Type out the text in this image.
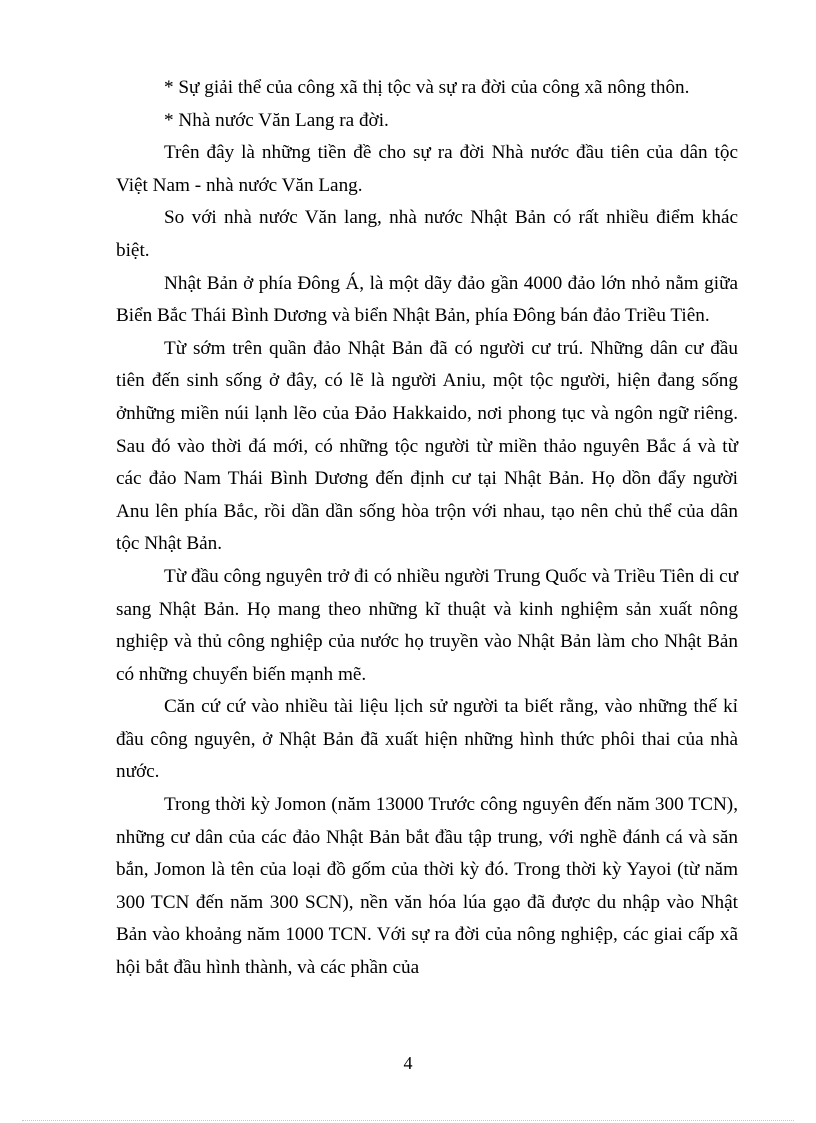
* Sự giải thể của công xã thị tộc và sự ra đời của công xã nông thôn.

* Nhà nước Văn Lang ra đời.

Trên đây là những tiền đề cho sự ra đời Nhà nước đầu tiên của dân tộc Việt Nam - nhà nước Văn Lang.

So với nhà nước Văn lang, nhà nước Nhật Bản có rất nhiều điểm khác biệt.

Nhật Bản ở phía Đông Á, là một dãy đảo gần 4000 đảo lớn nhỏ nằm giữa Biển Bắc Thái Bình Dương và biển Nhật Bản, phía Đông bán đảo Triều Tiên.

Từ sớm trên quần đảo Nhật Bản đã có người cư trú. Những dân cư đầu tiên đến sinh sống ở đây, có lẽ là người Aniu, một tộc người, hiện đang sống ởnhững miền núi lạnh lẽo của Đảo Hakkaido, nơi phong tục và ngôn ngữ riêng. Sau đó vào thời đá mới, có những tộc người từ miền thảo nguyên Bắc á và từ các đảo Nam Thái Bình Dương đến định cư tại Nhật Bản. Họ dồn đẩy người Anu lên phía Bắc, rồi dần dần sống hòa trộn với nhau, tạo nên chủ thể của dân tộc Nhật Bản.

Từ đầu công nguyên trở đi có nhiều người Trung Quốc và Triều Tiên di cư sang Nhật Bản. Họ mang theo những kĩ thuật và kinh nghiệm sản xuất nông nghiệp và thủ công nghiệp của nước họ truyền vào Nhật Bản làm cho Nhật Bản có những chuyển biến mạnh mẽ.

Căn cứ cứ vào nhiều tài liệu lịch sử người ta biết rằng, vào những thế kỉ đầu công nguyên, ở Nhật Bản đã xuất hiện những hình thức phôi thai của nhà nước.

Trong thời kỳ Jomon (năm 13000 Trước công nguyên đến năm 300 TCN), những cư dân của các đảo Nhật Bản bắt đầu tập trung, với nghề đánh cá và săn bắn, Jomon là tên của loại đồ gốm của thời kỳ đó. Trong thời kỳ Yayoi (từ năm 300 TCN đến năm 300 SCN), nền văn hóa lúa gạo đã được du nhập vào Nhật Bản vào khoảng năm 1000 TCN. Với sự ra đời của nông nghiệp, các giai cấp xã hội bắt đầu hình thành, và các phần của

4
